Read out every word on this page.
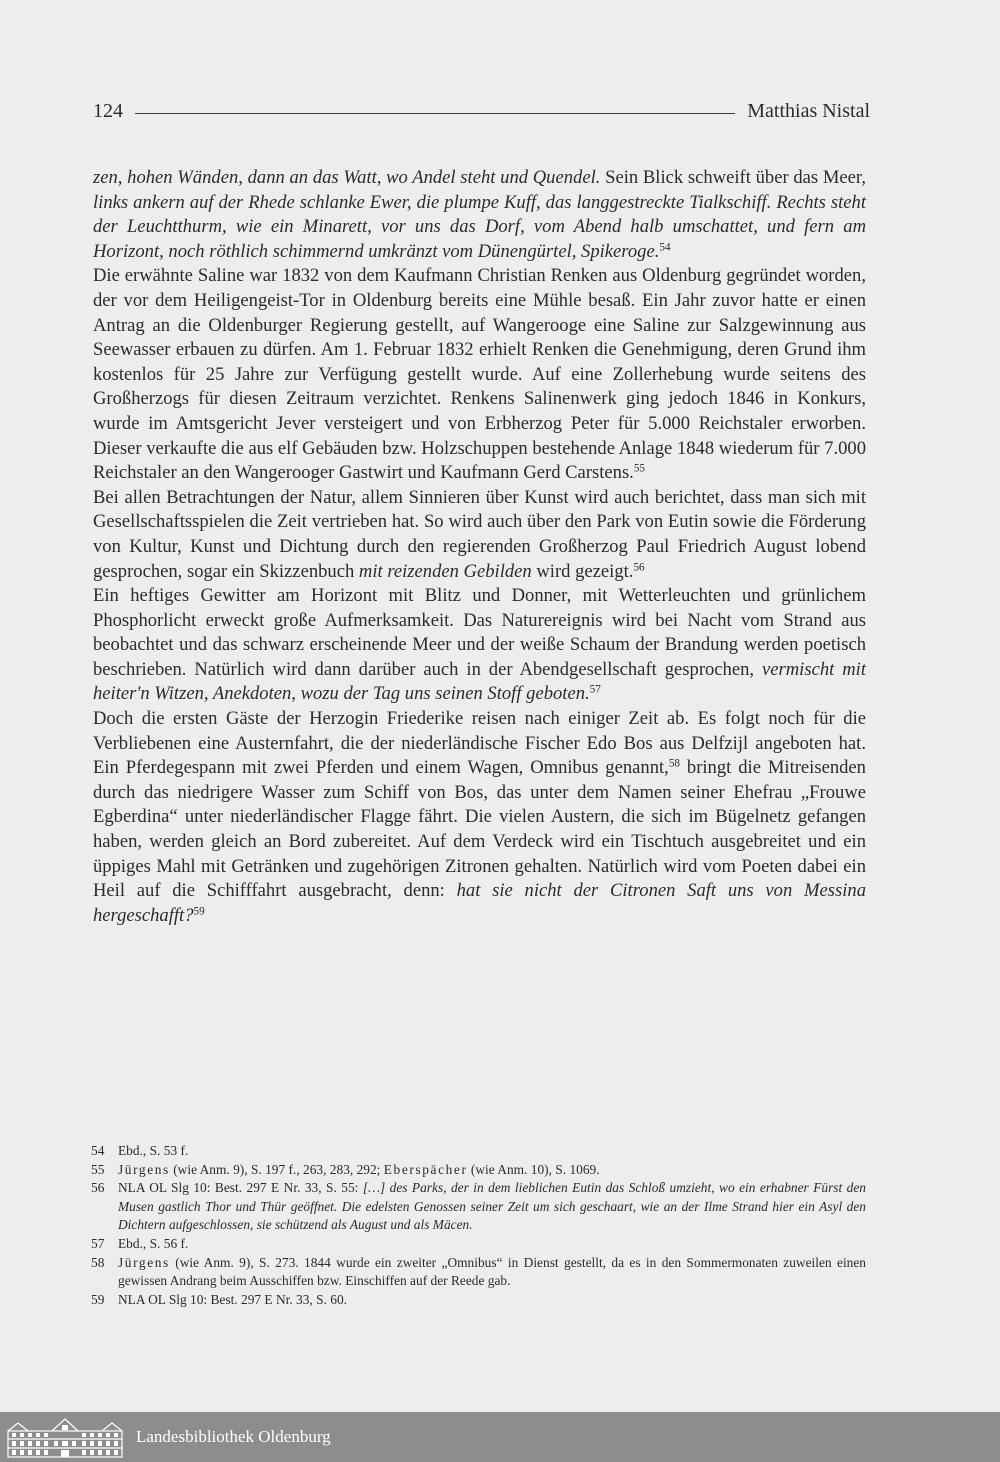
124	Matthias Nistal

zen, hohen Wänden, dann an das Watt, wo Andel steht und Quendel. Sein Blick schweift über das Meer, links ankern auf der Rhede schlanke Ewer, die plumpe Kuff, das langgestreckte Tialkschiff. Rechts steht der Leuchtthurm, wie ein Minarett, vor uns das Dorf, vom Abend halb umschattet, und fern am Horizont, noch röthlich schimmernd umkränzt vom Dünengürtel, Spikeroge.$^{54}$

Die erwähnte Saline war 1832 von dem Kaufmann Christian Renken aus Oldenburg gegründet worden, der vor dem Heiligengeist-Tor in Oldenburg bereits eine Mühle besaß. Ein Jahr zuvor hatte er einen Antrag an die Oldenburger Regierung gestellt, auf Wangerooge eine Saline zur Salzgewinnung aus Seewasser erbauen zu dürfen. Am 1. Februar 1832 erhielt Renken die Genehmigung, deren Grund ihm kostenlos für 25 Jahre zur Verfügung gestellt wurde. Auf eine Zollerhebung wurde seitens des Großherzogs für diesen Zeitraum verzichtet. Renkens Salinenwerk ging jedoch 1846 in Konkurs, wurde im Amtsgericht Jever versteigert und von Erbherzog Peter für 5.000 Reichstaler erworben. Dieser verkaufte die aus elf Gebäuden bzw. Holzschuppen bestehende Anlage 1848 wiederum für 7.000 Reichstaler an den Wangerooger Gastwirt und Kaufmann Gerd Carstens.$^{55}$

Bei allen Betrachtungen der Natur, allem Sinnieren über Kunst wird auch berichtet, dass man sich mit Gesellschaftsspielen die Zeit vertrieben hat. So wird auch über den Park von Eutin sowie die Förderung von Kultur, Kunst und Dichtung durch den regierenden Großherzog Paul Friedrich August lobend gesprochen, sogar ein Skizzenbuch mit reizenden Gebilden wird gezeigt.$^{56}$

Ein heftiges Gewitter am Horizont mit Blitz und Donner, mit Wetterleuchten und grünlichem Phosphorlicht erweckt große Aufmerksamkeit. Das Naturereignis wird bei Nacht vom Strand aus beobachtet und das schwarz erscheinende Meer und der weiße Schaum der Brandung werden poetisch beschrieben. Natürlich wird dann darüber auch in der Abendgesellschaft gesprochen, vermischt mit heiter'n Witzen, Anekdoten, wozu der Tag uns seinen Stoff geboten.$^{57}$

Doch die ersten Gäste der Herzogin Friederike reisen nach einiger Zeit ab. Es folgt noch für die Verbliebenen eine Austernfahrt, die der niederländische Fischer Edo Bos aus Delfzijl angeboten hat. Ein Pferdegespann mit zwei Pferden und einem Wagen, Omnibus genannt,$^{58}$ bringt die Mitreisenden durch das niedrigere Wasser zum Schiff von Bos, das unter dem Namen seiner Ehefrau „Frouwe Egberdina“ unter niederländischer Flagge fährt. Die vielen Austern, die sich im Bügelnetz gefangen haben, werden gleich an Bord zubereitet. Auf dem Verdeck wird ein Tischtuch ausgebreitet und ein üppiges Mahl mit Getränken und zugehörigen Zitronen gehalten. Natürlich wird vom Poeten dabei ein Heil auf die Schifffahrt ausgebracht, denn: hat sie nicht der Citronen Saft uns von Messina hergeschafft?$^{59}$

54	Ebd., S. 53 f.
55	Jürgens (wie Anm. 9), S. 197 f., 263, 283, 292; Eberspächer (wie Anm. 10), S. 1069.
56	NLA OL Slg 10: Best. 297 E Nr. 33, S. 55: […] des Parks, der in dem lieblichen Eutin das Schloß umzieht, wo ein erhabner Fürst den Musen gastlich Thor und Thür geöffnet. Die edelsten Genossen seiner Zeit um sich geschaart, wie an der Ilme Strand hier ein Asyl den Dichtern aufgeschlossen, sie schützend als August und als Mäcen.
57	Ebd., S. 56 f.
58	Jürgens (wie Anm. 9), S. 273. 1844 wurde ein zweiter „Omnibus“ in Dienst gestellt, da es in den Sommermonaten zuweilen einen gewissen Andrang beim Ausschiffen bzw. Einschiffen auf der Reede gab.
59	NLA OL Slg 10: Best. 297 E Nr. 33, S. 60.
Landesbibliothek Oldenburg
